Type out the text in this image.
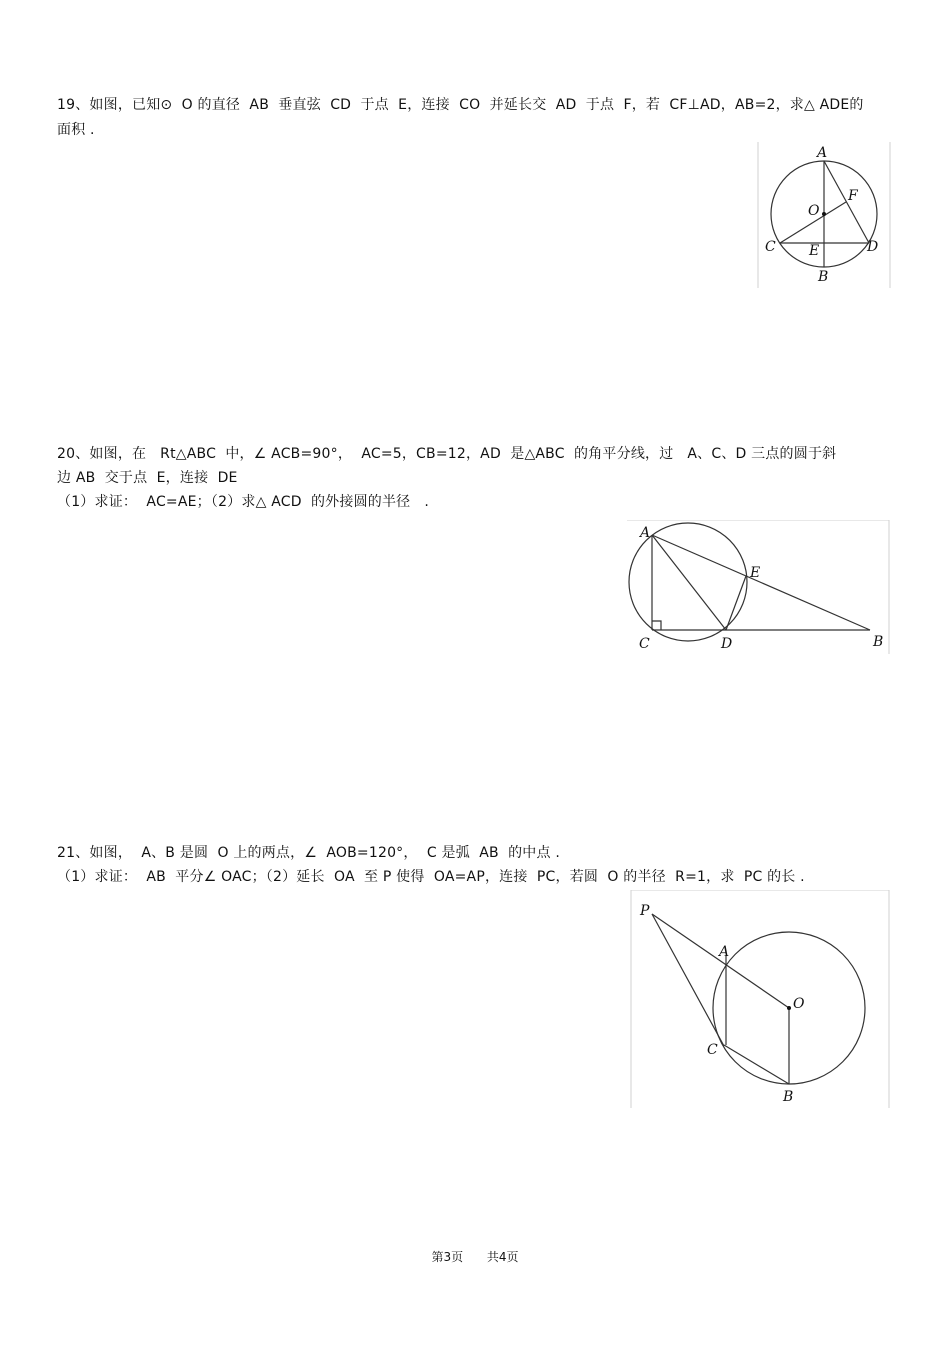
19、如图，已知⊙  O 的直径  AB  垂直弦  CD  于点  E，连接  CO  并延长交  AD  于点  F，若  CF⊥AD，AB=2，求△ ADE的
面积 .
A
B
C	D
E
F
O
20、如图，在   Rt△ABC  中，∠ ACB=90°，  AC=5，CB=12，AD  是△ABC  的角平分线，过   A、C、D 三点的圆于斜
边 AB  交于点  E，连接  DE
（1）求证：  AC=AE；（2）求△ ACD  的外接圆的半径   .
A
B
C	D
E
21、如图，  A、B 是圆  O 上的两点，∠  AOB=120°，  C 是弧  AB  的中点 .
（1）求证：  AB  平分∠ OAC；（2）延长  OA  至 P 使得  OA=AP，连接  PC，若圆  O 的半径  R=1，求  PC 的长 .
P
A
O
C
B
第3页 共4页
